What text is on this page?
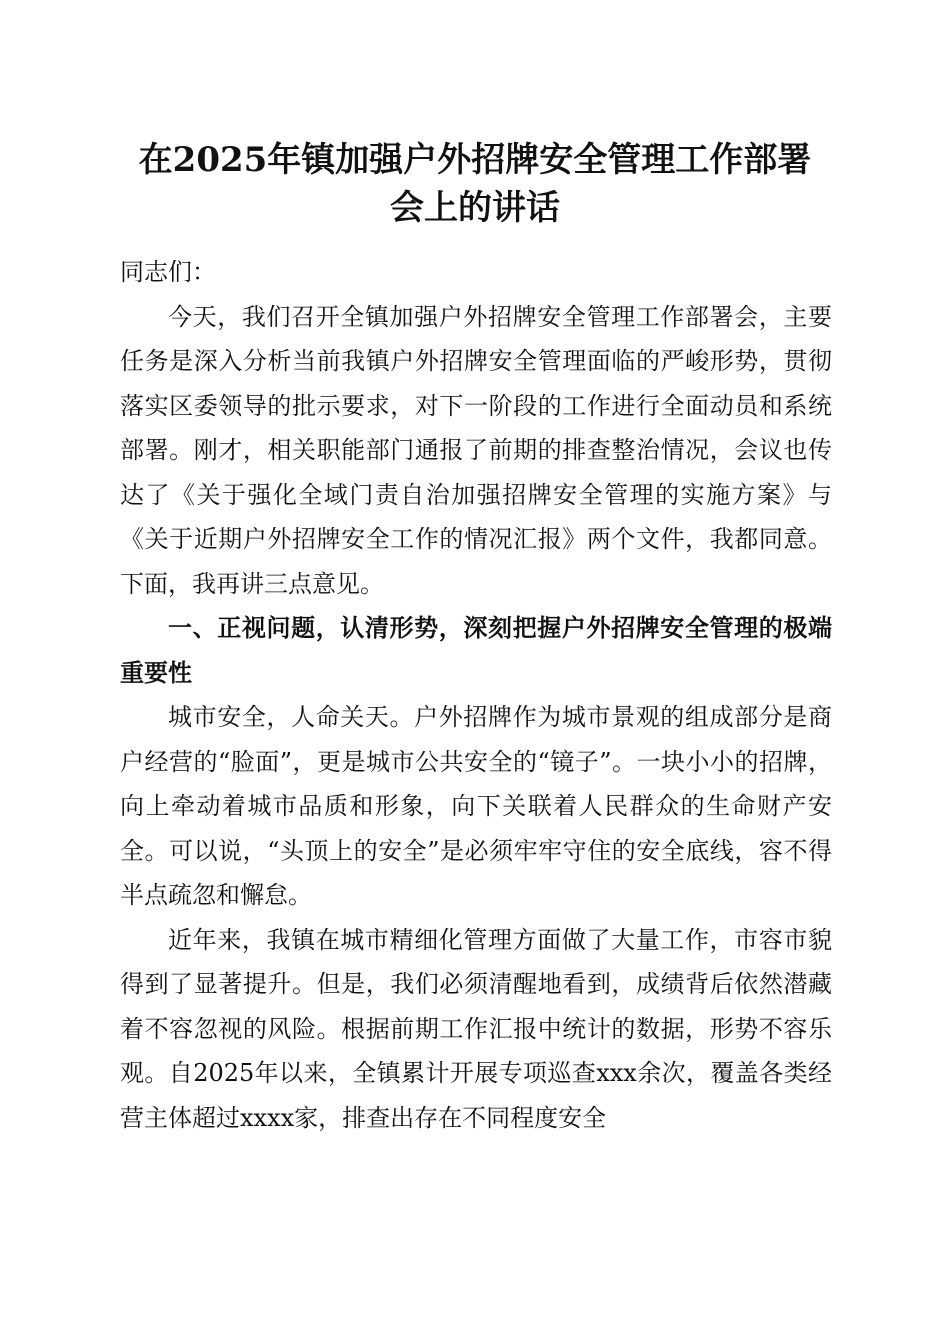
在2025年镇加强户外招牌安全管理工作部署
会上的讲话

同志们：

今天，我们召开全镇加强户外招牌安全管理工作部署会，主要任务是深入分析当前我镇户外招牌安全管理面临的严峻形势，贯彻落实区委领导的批示要求，对下一阶段的工作进行全面动员和系统部署。刚才，相关职能部门通报了前期的排查整治情况，会议也传达了《关于强化全域门责自治加强招牌安全管理的实施方案》与《关于近期户外招牌安全工作的情况汇报》两个文件，我都同意。下面，我再讲三点意见。

一、正视问题，认清形势，深刻把握户外招牌安全管理的极端重要性

城市安全，人命关天。户外招牌作为城市景观的组成部分是商户经营的“脸面”，更是城市公共安全的“镜子”。一块小小的招牌，向上牵动着城市品质和形象，向下关联着人民群众的生命财产安全。可以说，“头顶上的安全”是必须牢牢守住的安全底线，容不得半点疏忽和懈怠。

近年来，我镇在城市精细化管理方面做了大量工作，市容市貌得到了显著提升。但是，我们必须清醒地看到，成绩背后依然潜藏着不容忽视的风险。根据前期工作汇报中统计的数据，形势不容乐观。自2025年以来，全镇累计开展专项巡查xxx余次，覆盖各类经营主体超过xxxx家，排查出存在不同程度安全
